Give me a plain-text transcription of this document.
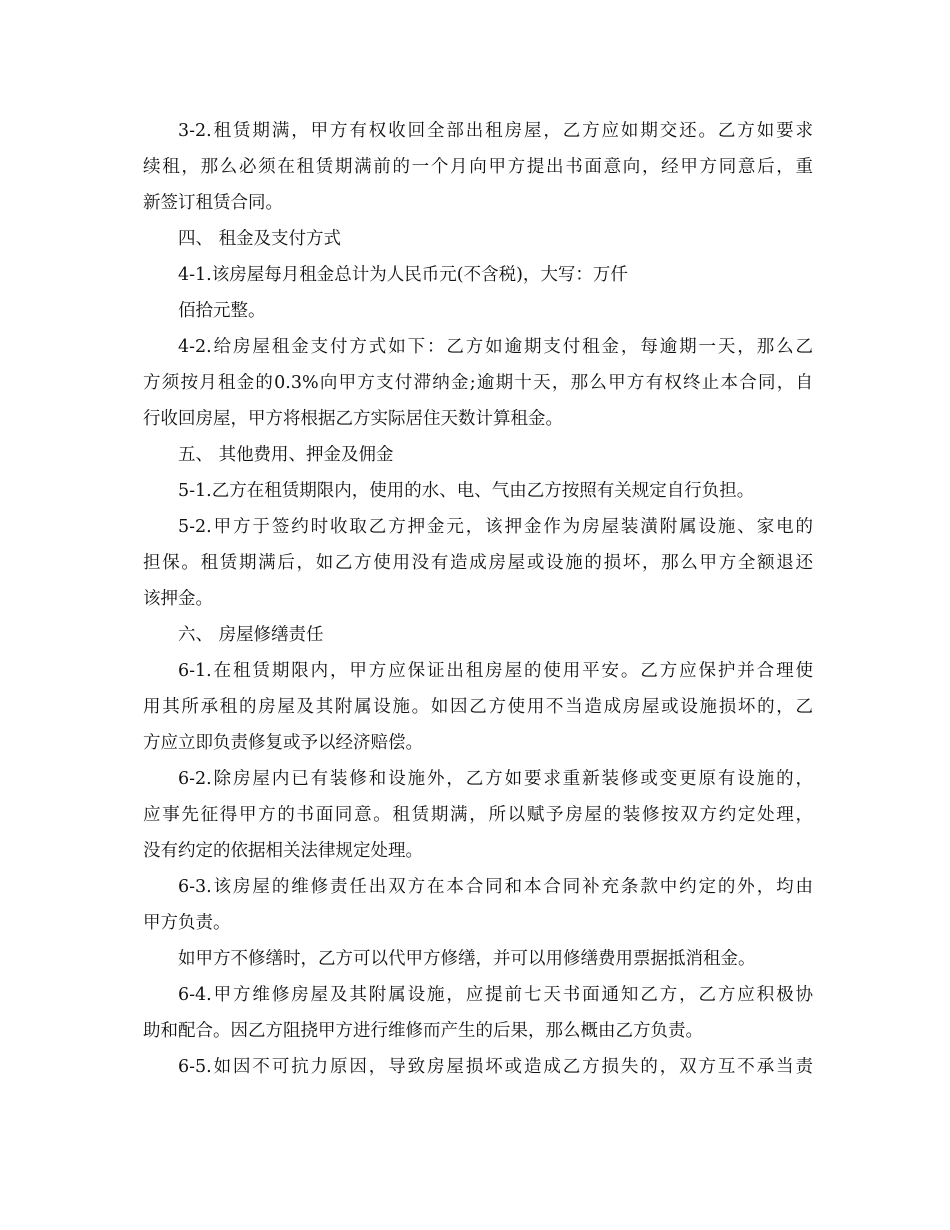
3-2.租赁期满，甲方有权收回全部出租房屋，乙方应如期交还。乙方如要求
续租，那么必须在租赁期满前的一个月向甲方提出书面意向，经甲方同意后，重
新签订租赁合同。
四、 租金及支付方式
4-1.该房屋每月租金总计为人民币元(不含税)，大写：万仟
佰拾元整。
4-2.给房屋租金支付方式如下：乙方如逾期支付租金，每逾期一天，那么乙
方须按月租金的0.3%向甲方支付滞纳金;逾期十天，那么甲方有权终止本合同，自
行收回房屋，甲方将根据乙方实际居住天数计算租金。
五、 其他费用、押金及佣金
5-1.乙方在租赁期限内，使用的水、电、气由乙方按照有关规定自行负担。
5-2.甲方于签约时收取乙方押金元，该押金作为房屋装潢附属设施、家电的
担保。租赁期满后，如乙方使用没有造成房屋或设施的损坏，那么甲方全额退还
该押金。
六、 房屋修缮责任
6-1.在租赁期限内，甲方应保证出租房屋的使用平安。乙方应保护并合理使
用其所承租的房屋及其附属设施。如因乙方使用不当造成房屋或设施损坏的，乙
方应立即负责修复或予以经济赔偿。
6-2.除房屋内已有装修和设施外，乙方如要求重新装修或变更原有设施的，
应事先征得甲方的书面同意。租赁期满，所以赋予房屋的装修按双方约定处理，
没有约定的依据相关法律规定处理。
6-3.该房屋的维修责任出双方在本合同和本合同补充条款中约定的外，均由
甲方负责。
如甲方不修缮时，乙方可以代甲方修缮，并可以用修缮费用票据抵消租金。
6-4.甲方维修房屋及其附属设施，应提前七天书面通知乙方，乙方应积极协
助和配合。因乙方阻挠甲方进行维修而产生的后果，那么概由乙方负责。
6-5.如因不可抗力原因，导致房屋损坏或造成乙方损失的，双方互不承当责
